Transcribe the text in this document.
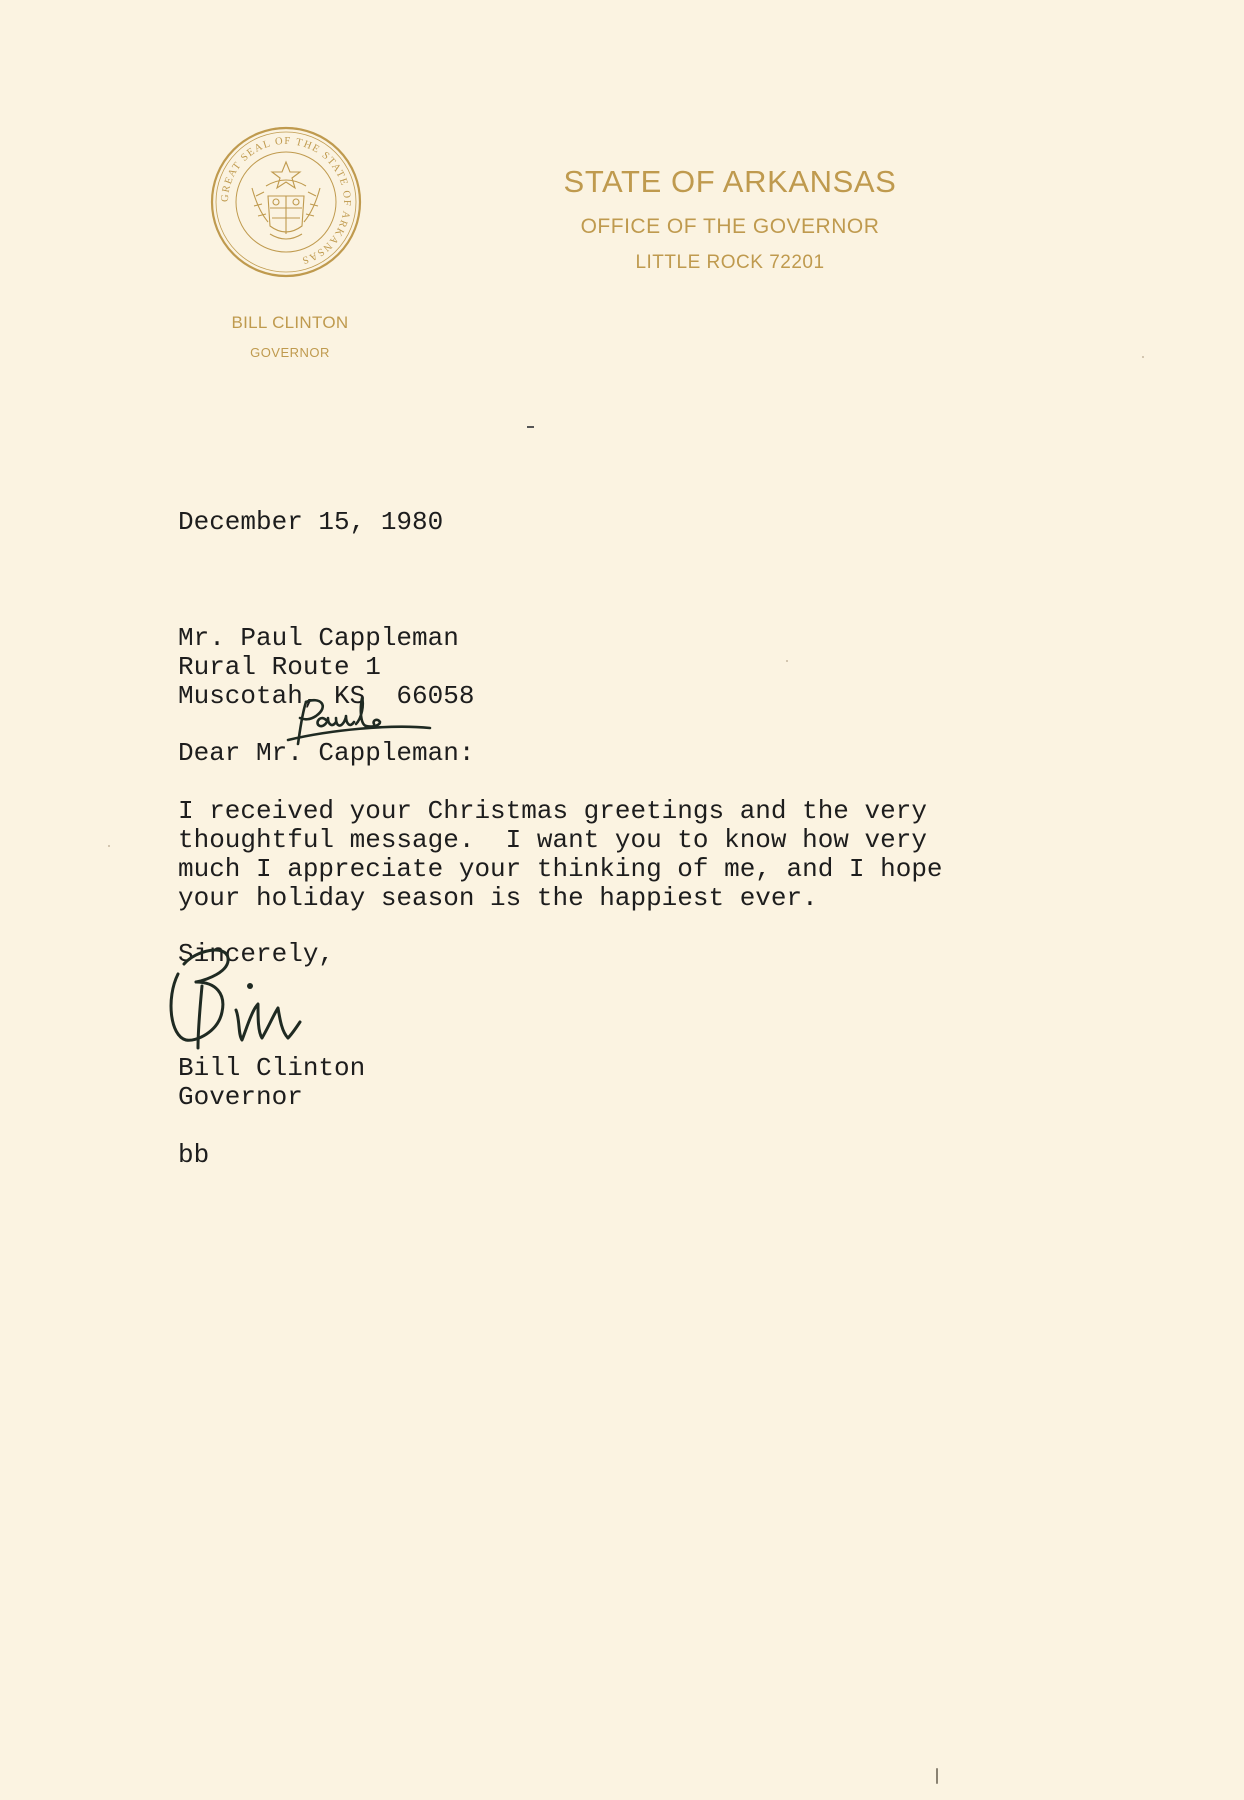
GREAT SEAL OF THE STATE OF ARKANSAS
BILL CLINTON
GOVERNOR
STATE OF ARKANSAS
OFFICE OF THE GOVERNOR
LITTLE ROCK 72201
December 15, 1980
Mr. Paul Cappleman
Rural Route 1
Muscotah, KS  66058
Dear Mr. Cappleman:
I received your Christmas greetings and the very
thoughtful message.  I want you to know how very
much I appreciate your thinking of me, and I hope
your holiday season is the happiest ever.
Sincerely,
Bill Clinton
Governor
bb
